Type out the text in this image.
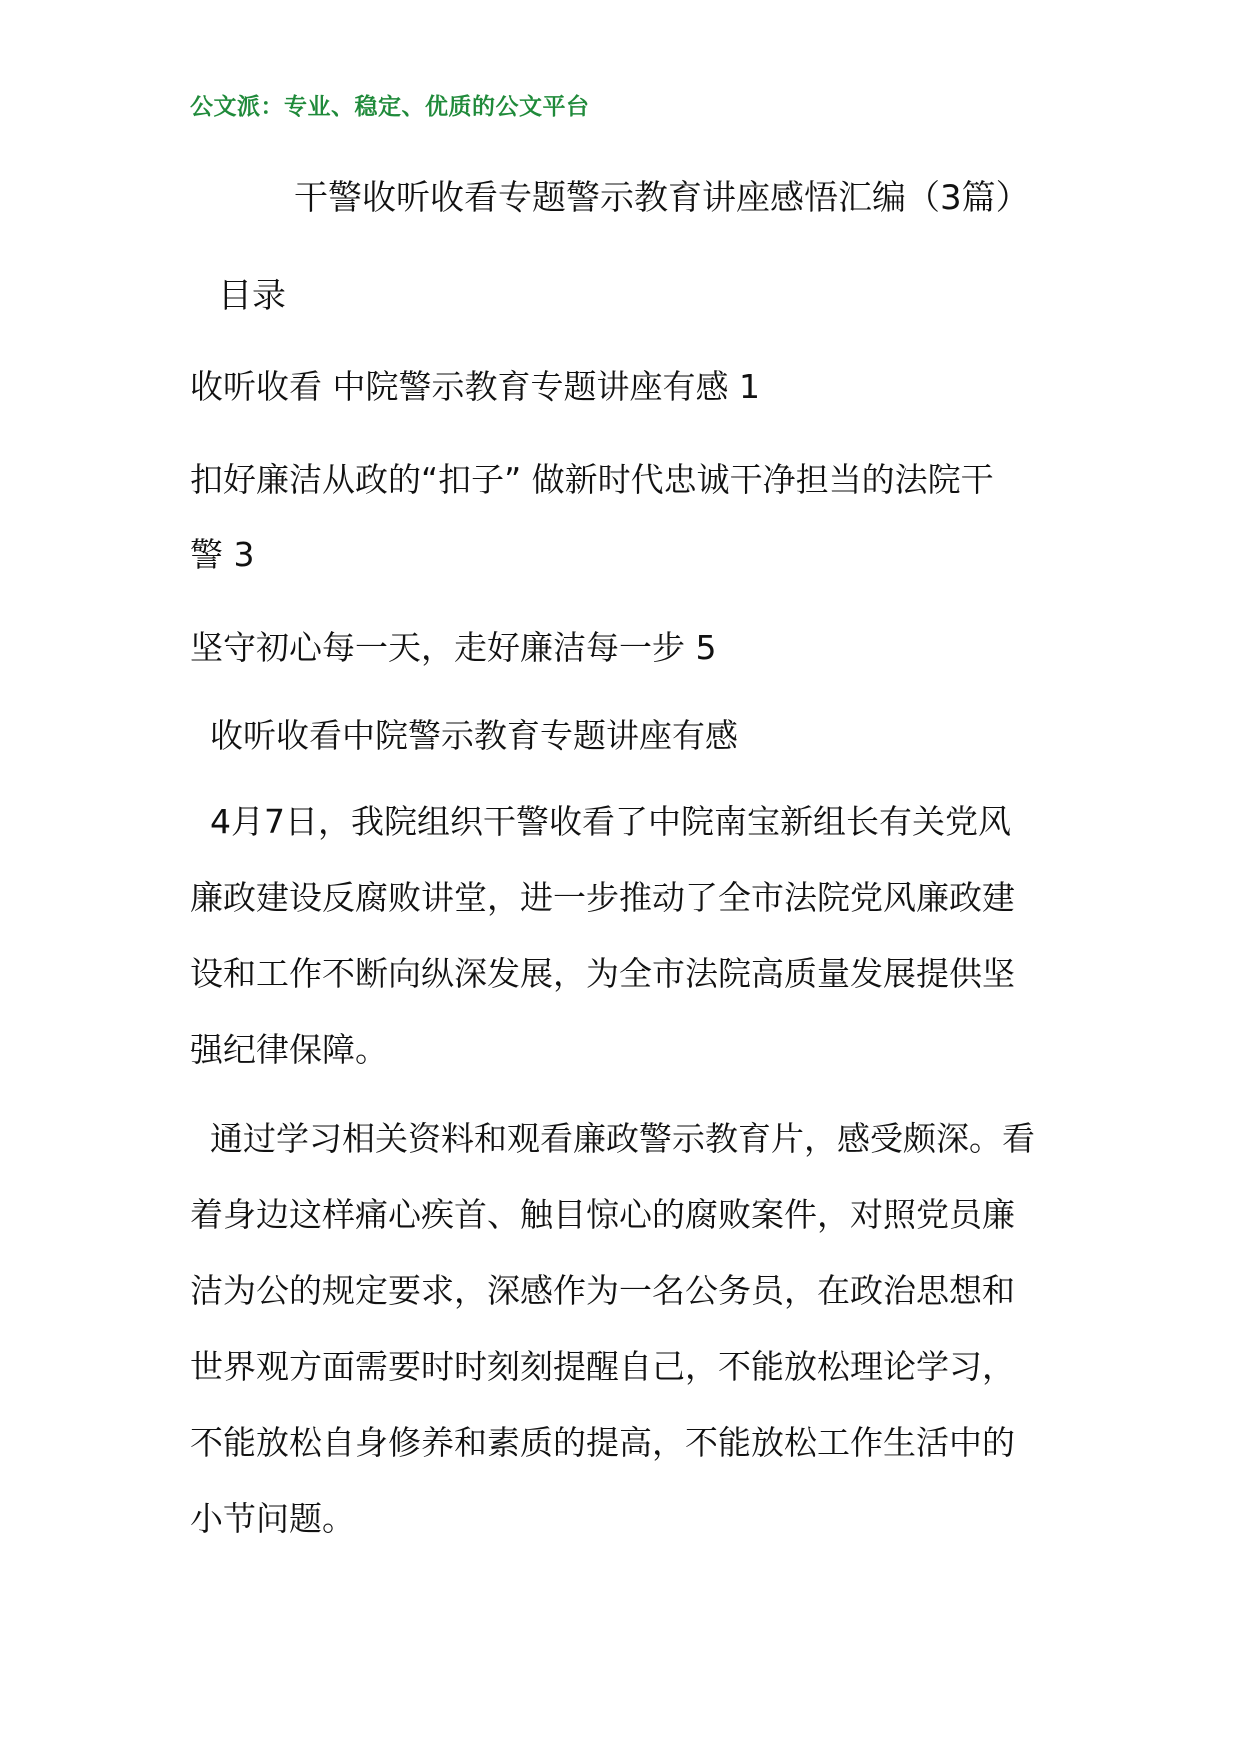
公文派：专业、稳定、优质的公文平台
干警收听收看专题警示教育讲座感悟汇编（3篇）
目录
收听收看 中院警示教育专题讲座有感 1
扣好廉洁从政的“扣子” 做新时代忠诚干净担当的法院干
警 3
坚守初心每一天，走好廉洁每一步 5
收听收看中院警示教育专题讲座有感
4月7日，我院组织干警收看了中院南宝新组长有关党风
廉政建设反腐败讲堂，进一步推动了全市法院党风廉政建
设和工作不断向纵深发展，为全市法院高质量发展提供坚
强纪律保障。
通过学习相关资料和观看廉政警示教育片，感受颇深。看
着身边这样痛心疾首、触目惊心的腐败案件，对照党员廉
洁为公的规定要求，深感作为一名公务员，在政治思想和
世界观方面需要时时刻刻提醒自己，不能放松理论学习，
不能放松自身修养和素质的提高，不能放松工作生活中的
小节问题。
